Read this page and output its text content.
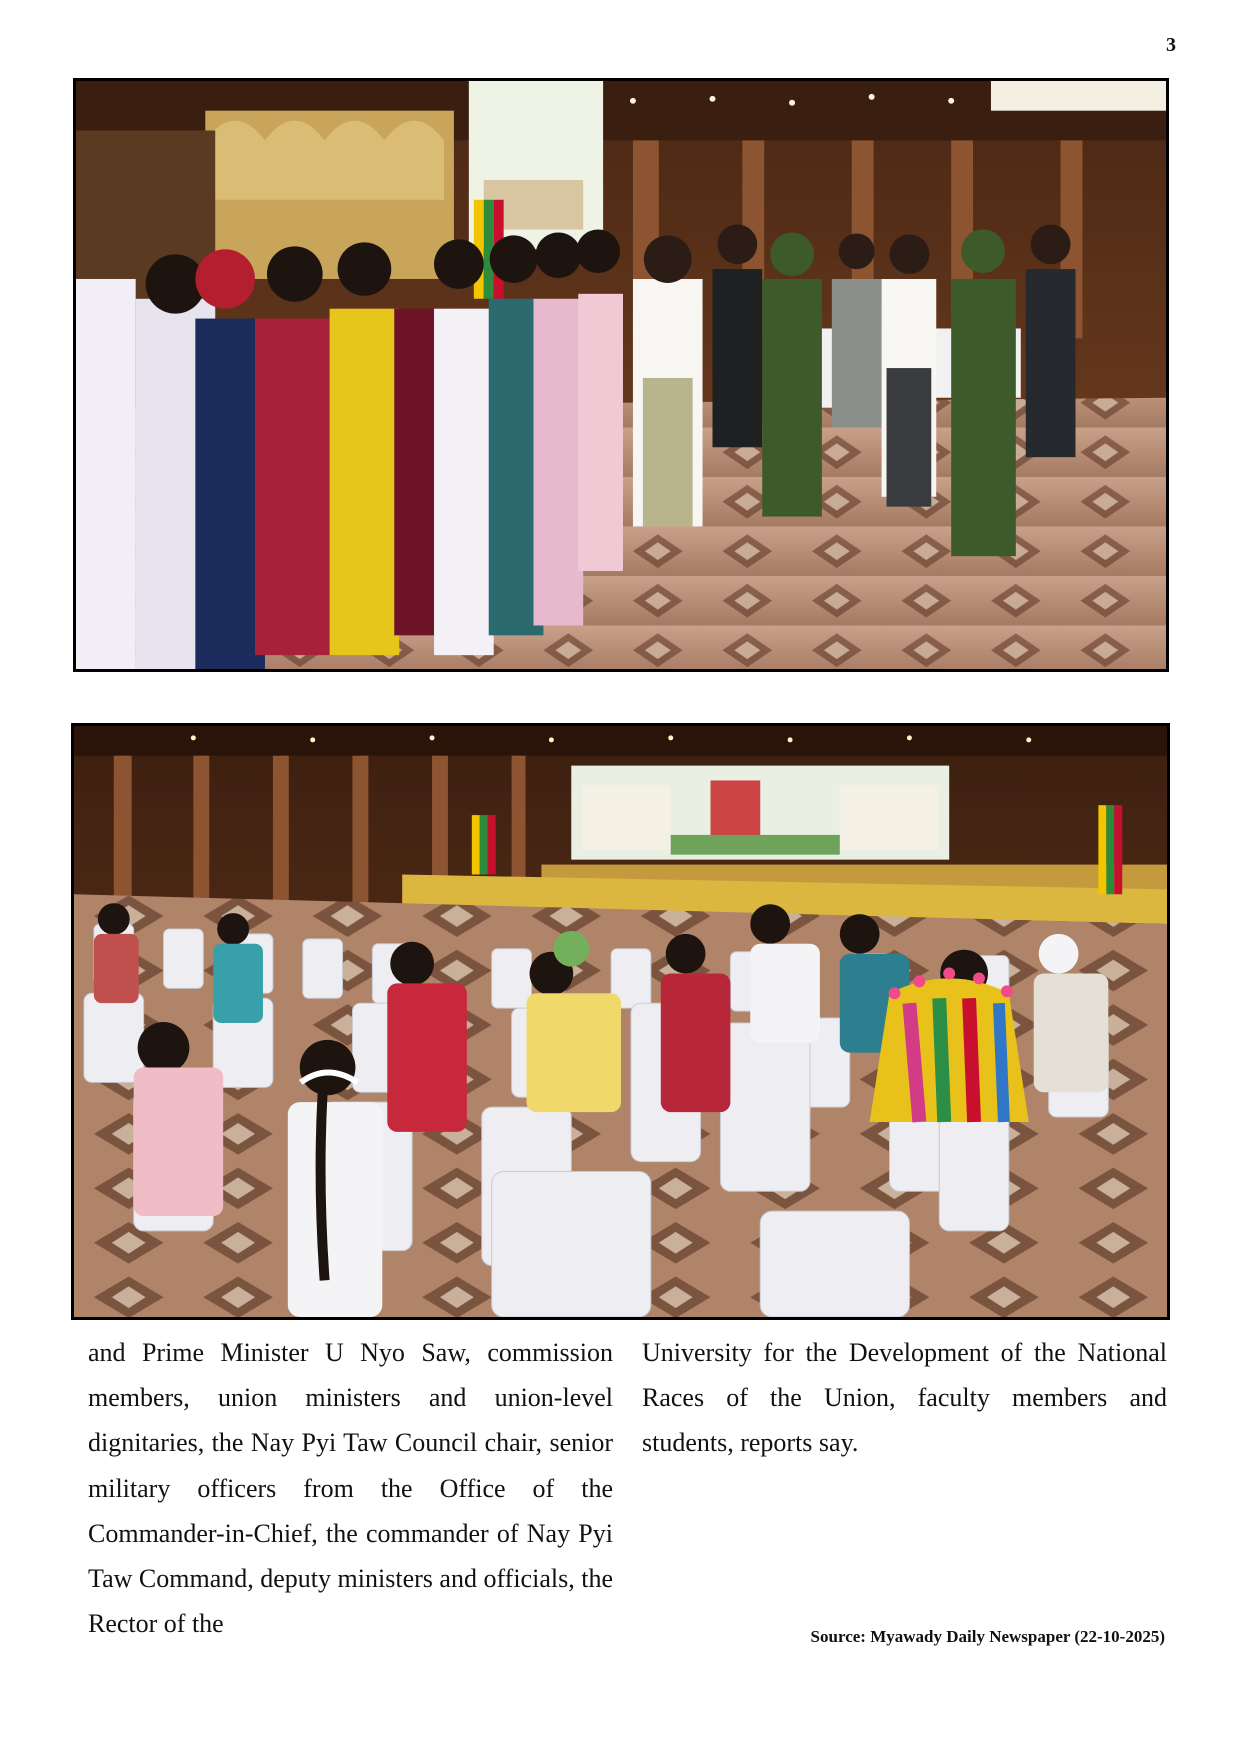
3
and Prime Minister U Nyo Saw, commission members, union ministers and union-level dignitaries, the Nay Pyi Taw Council chair, senior military officers from the Office of the Commander-in-Chief, the commander of Nay Pyi Taw Command, deputy ministers and officials, the Rector of the
University for the Development of the National Races of the Union, faculty members and students, reports say.
Source: Myawady Daily Newspaper (22-10-2025)
